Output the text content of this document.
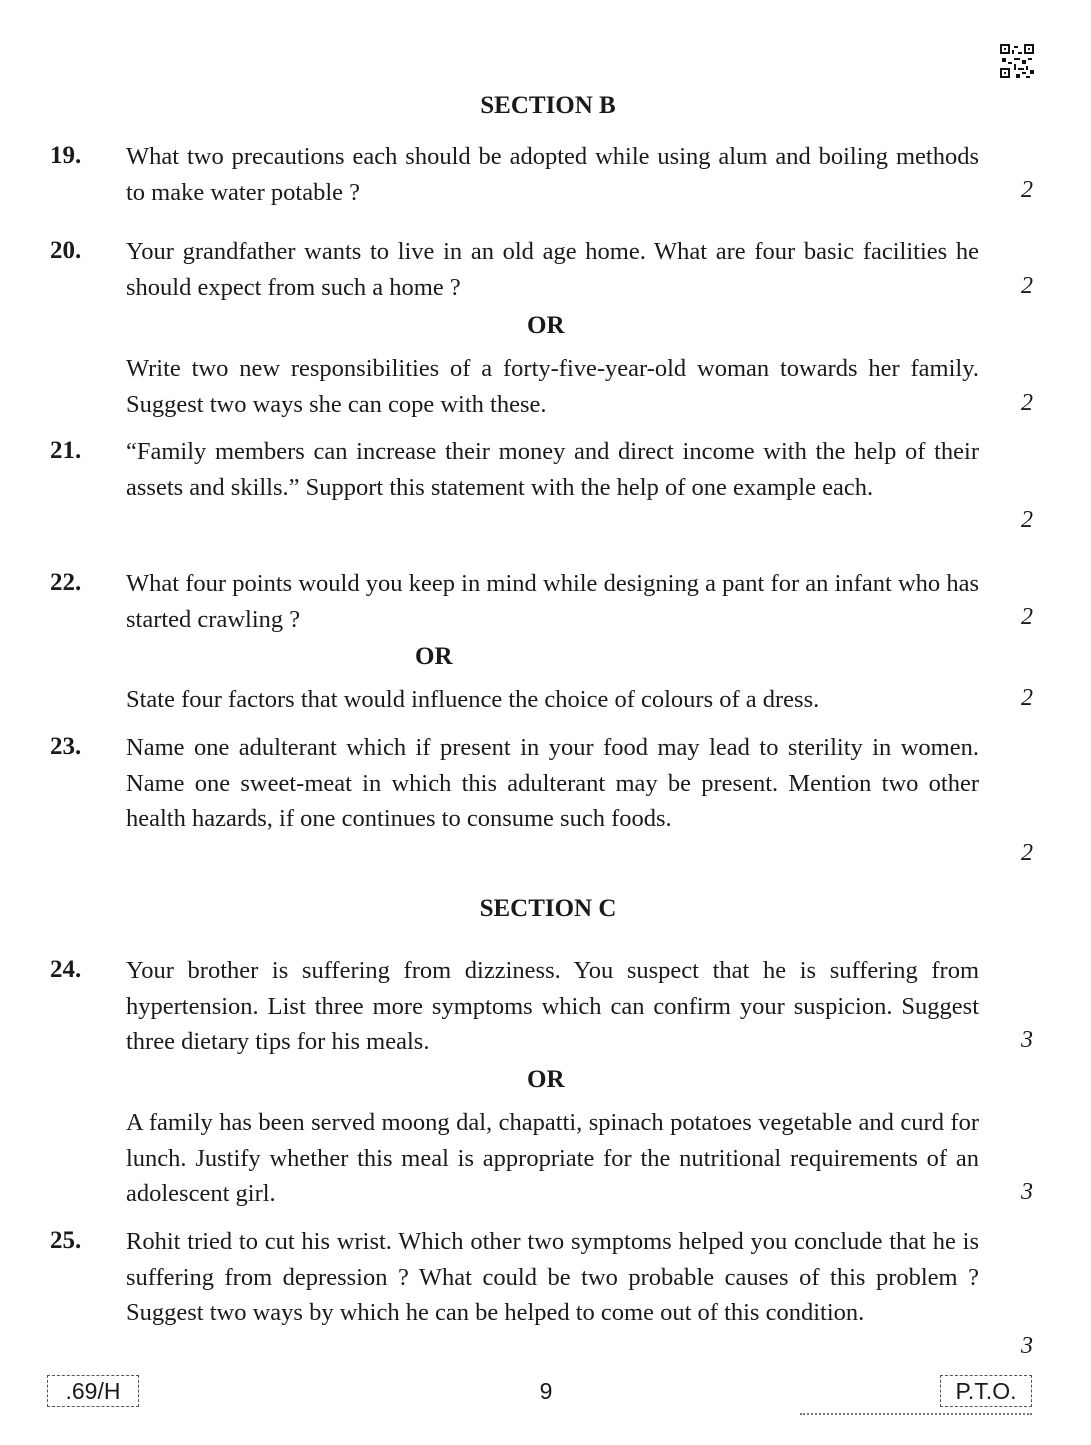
SECTION B
19. What two precautions each should be adopted while using alum and boiling methods to make water potable ?	2
20. Your grandfather wants to live in an old age home. What are four basic facilities he should expect from such a home ?	2
OR
Write two new responsibilities of a forty-five-year-old woman towards her family. Suggest two ways she can cope with these.	2
21. “Family members can increase their money and direct income with the help of their assets and skills.” Support this statement with the help of one example each.
2
22. What four points would you keep in mind while designing a pant for an infant who has started crawling ?	2
OR
State four factors that would influence the choice of colours of a dress.	2
23. Name one adulterant which if present in your food may lead to sterility in women. Name one sweet-meat in which this adulterant may be present. Mention two other health hazards, if one continues to consume such foods.
2
SECTION C
24. Your brother is suffering from dizziness. You suspect that he is suffering from hypertension. List three more symptoms which can confirm your suspicion. Suggest three dietary tips for his meals.	3
OR
A family has been served moong dal, chapatti, spinach potatoes vegetable and curd for lunch. Justify whether this meal is appropriate for the nutritional requirements of an adolescent girl.	3
25. Rohit tried to cut his wrist. Which other two symptoms helped you conclude that he is suffering from depression ? What could be two probable causes of this problem ? Suggest two ways by which he can be helped to come out of this condition.
3
.69/H	9	P.T.O.
